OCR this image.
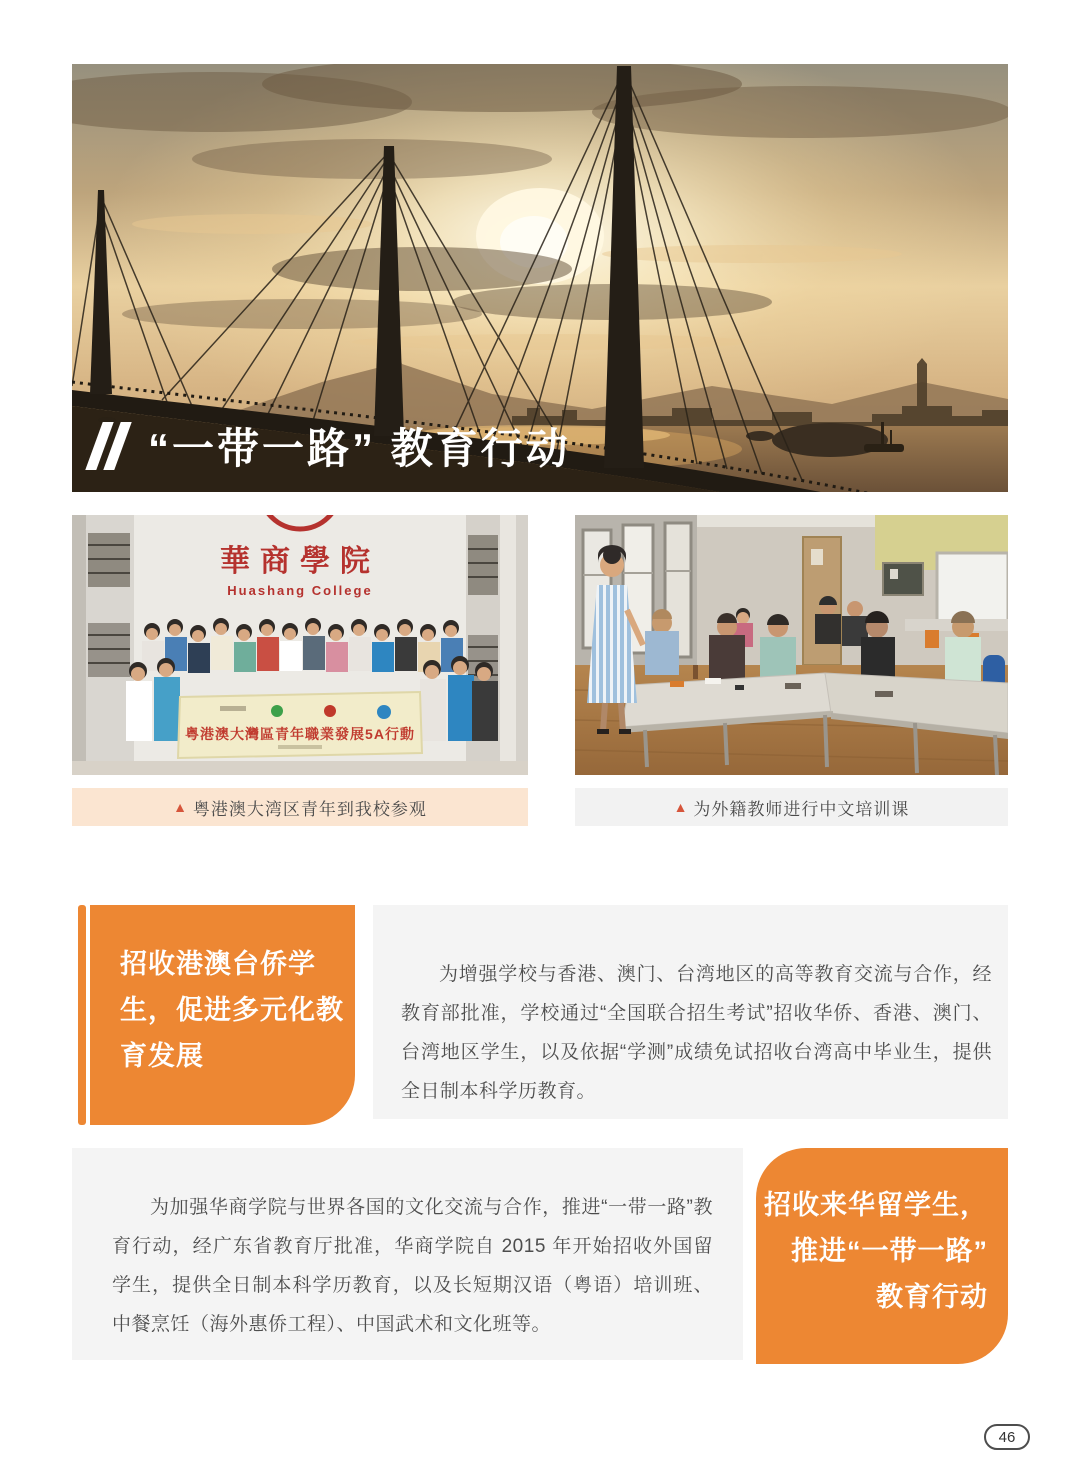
“一带一路” 教育行动
華商學院
Huashang College
粤港澳大灣區青年職業發展5A行動
▲ 粤港澳大湾区青年到我校参观	▲ 为外籍教师进行中文培训课
招收港澳台侨学
生，促进多元化教
育发展

为增强学校与香港、澳门、台湾地区的高等教育交流与合作，经教育部批准，学校通过“全国联合招生考试”招收华侨、香港、澳门、台湾地区学生，以及依据“学测”成绩免试招收台湾高中毕业生，提供全日制本科学历教育。

为加强华商学院与世界各国的文化交流与合作，推进“一带一路”教育行动，经广东省教育厅批准，华商学院自 2015 年开始招收外国留学生，提供全日制本科学历教育，以及长短期汉语（粤语）培训班、中餐烹饪（海外惠侨工程）、中国武术和文化班等。

招收来华留学生，
推进“一带一路”
教育行动
46
